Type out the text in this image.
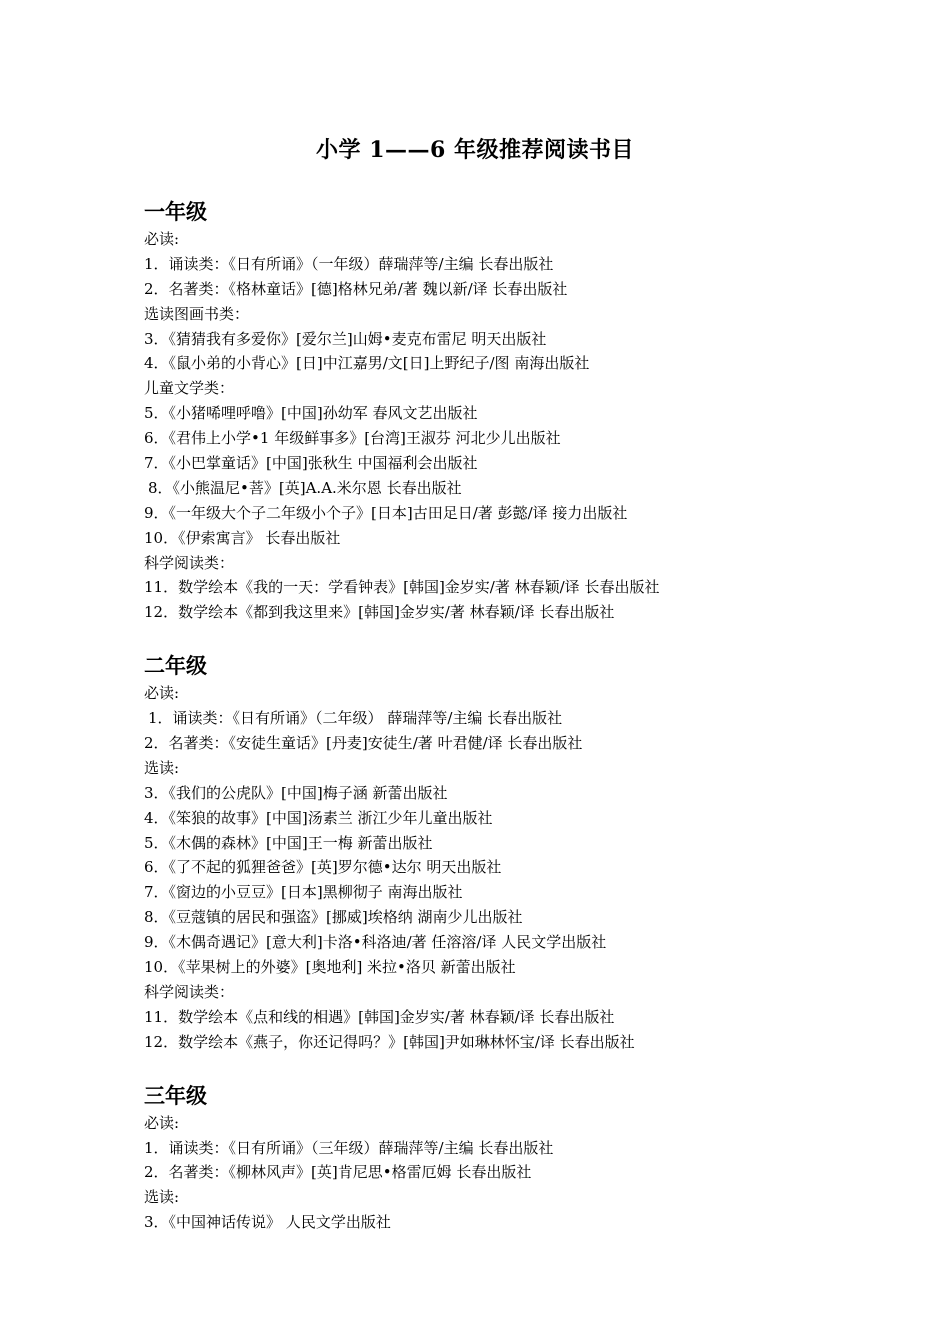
小学 1——6 年级推荐阅读书目
一年级
必读:
1．诵读类：《日有所诵》（一年级）薛瑞萍等/主编 长春出版社
2．名著类：《格林童话》[德]格林兄弟/著 魏以新/译 长春出版社
选读图画书类：
3．《猜猜我有多爱你》[爱尔兰]山姆•麦克布雷尼 明天出版社
4．《鼠小弟的小背心》[日]中江嘉男/文[日]上野纪子/图 南海出版社
儿童文学类：
5．《小猪唏哩呼噜》[中国]孙幼军 春风文艺出版社
6．《君伟上小学•1 年级鲜事多》[台湾]王淑芬 河北少儿出版社
7．《小巴掌童话》[中国]张秋生 中国福利会出版社
8．《小熊温尼•菩》[英]A.A.米尔恩 长春出版社
9．《一年级大个子二年级小个子》[日本]古田足日/著 彭懿/译 接力出版社
10．《伊索寓言》 长春出版社
科学阅读类：
11．数学绘本《我的一天：学看钟表》[韩国]金岁实/著 林春颖/译 长春出版社
12．数学绘本《都到我这里来》[韩国]金岁实/著 林春颖/译 长春出版社
二年级
必读:
1．诵读类：《日有所诵》（二年级） 薛瑞萍等/主编 长春出版社
2．名著类：《安徒生童话》[丹麦]安徒生/著 叶君健/译 长春出版社
选读:
3．《我们的公虎队》[中国]梅子涵 新蕾出版社
4．《笨狼的故事》[中国]汤素兰 浙江少年儿童出版社
5．《木偶的森林》[中国]王一梅 新蕾出版社
6．《了不起的狐狸爸爸》[英]罗尔德•达尔 明天出版社
7．《窗边的小豆豆》[日本]黑柳彻子 南海出版社
8．《豆蔻镇的居民和强盗》[挪威]埃格纳 湖南少儿出版社
9．《木偶奇遇记》[意大利]卡洛•科洛迪/著 任溶溶/译 人民文学出版社
10．《苹果树上的外婆》[奥地利] 米拉•洛贝 新蕾出版社
科学阅读类：
11．数学绘本《点和线的相遇》[韩国]金岁实/著 林春颖/译 长春出版社
12．数学绘本《燕子，你还记得吗？》[韩国]尹如琳林怀宝/译 长春出版社
三年级
必读:
1．诵读类：《日有所诵》（三年级）薛瑞萍等/主编 长春出版社
2．名著类：《柳林风声》[英]肯尼思•格雷厄姆 长春出版社
选读:
3．《中国神话传说》 人民文学出版社
